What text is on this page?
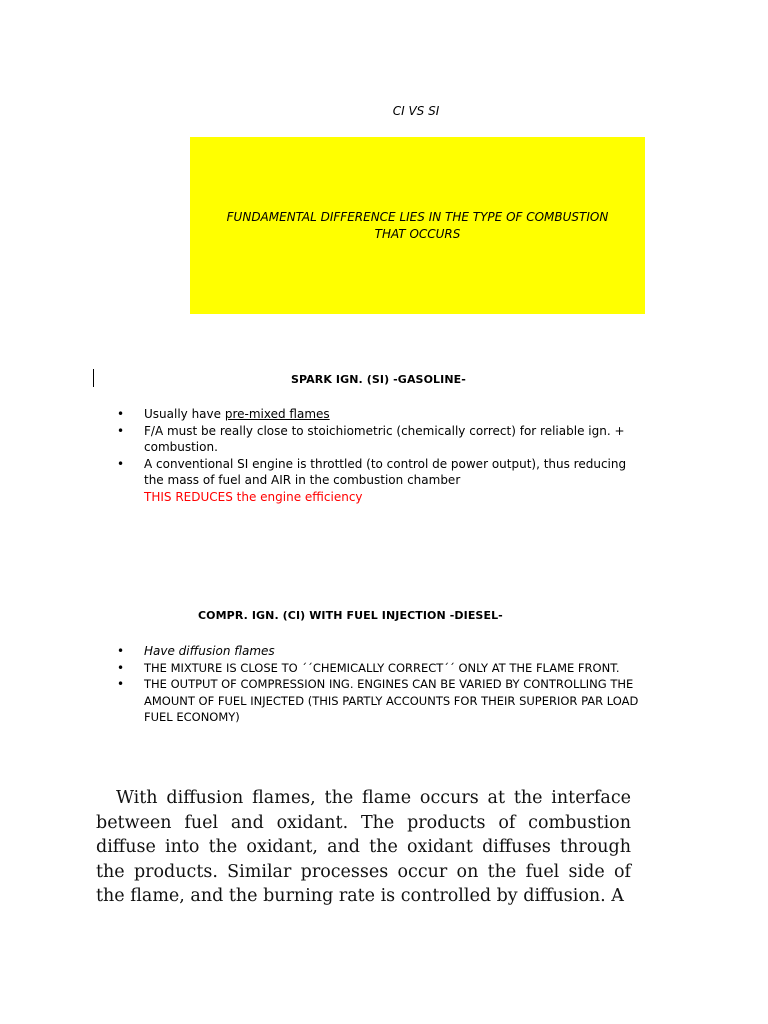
CI VS SI
FUNDAMENTAL DIFFERENCE LIES IN THE TYPE OF COMBUSTION THAT OCCURS
SPARK IGN. (SI) -GASOLINE-
• Usually have pre-mixed flames
• F/A must be really close to stoichiometric (chemically correct) for reliable ign. + combustion.
• A conventional SI engine is throttled (to control de power output), thus reducing the mass of fuel and AIR in the combustion chamber
THIS REDUCES the engine efficiency
COMPR. IGN. (CI) WITH FUEL INJECTION -DIESEL-
• Have diffusion flames
• THE MIXTURE IS CLOSE TO ´´CHEMICALLY CORRECT´´ ONLY AT THE FLAME FRONT.
• THE OUTPUT OF COMPRESSION ING. ENGINES CAN BE VARIED BY CONTROLLING THE AMOUNT OF FUEL INJECTED (THIS PARTLY ACCOUNTS FOR THEIR SUPERIOR PAR LOAD FUEL ECONOMY)

With diffusion flames, the flame occurs at the interface between fuel and oxidant. The products of combustion diffuse into the oxidant, and the oxidant diffuses through the products. Similar processes occur on the fuel side of the flame, and the burning rate is controlled by diffusion. A
